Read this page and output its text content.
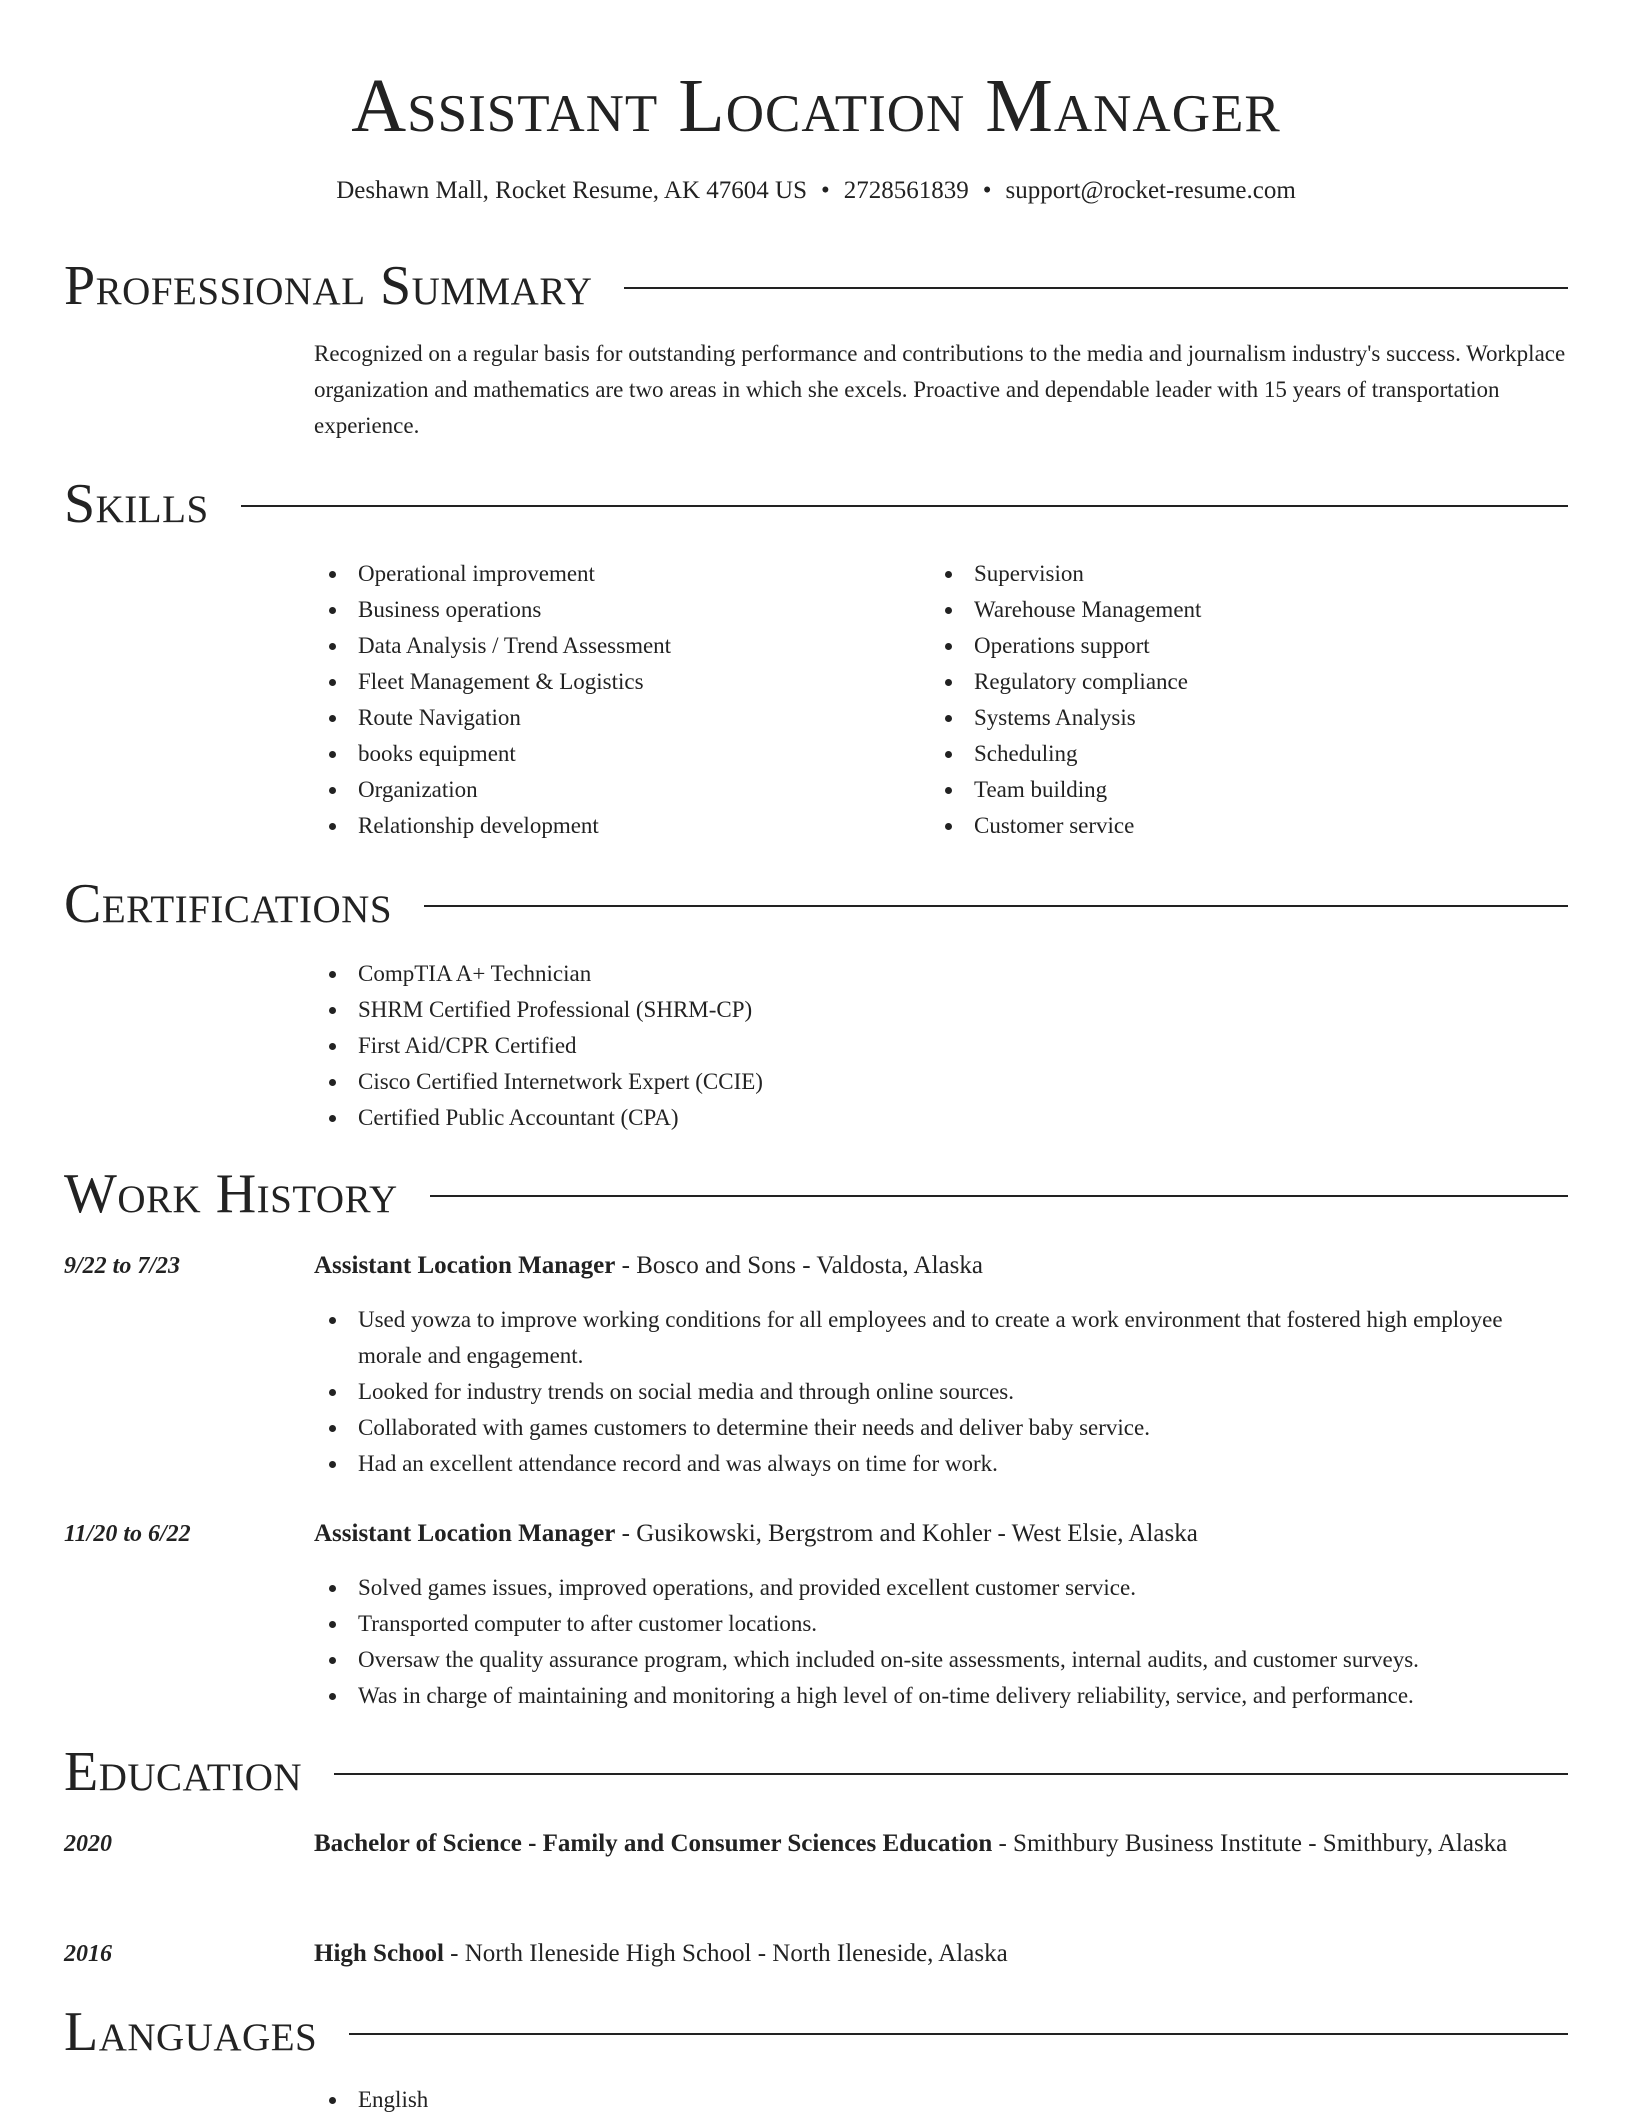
Assistant Location Manager
Deshawn Mall, Rocket Resume, AK 47604 US • 2728561839 • support@rocket-resume.com
Professional Summary

Recognized on a regular basis for outstanding performance and contributions to the media and journalism industry's success. Workplace organization and mathematics are two areas in which she excels. Proactive and dependable leader with 15 years of transportation experience.

Skills
Operational improvement
Business operations
Data Analysis / Trend Assessment
Fleet Management & Logistics
Route Navigation
books equipment
Organization
Relationship development
Supervision
Warehouse Management
Operations support
Regulatory compliance
Systems Analysis
Scheduling
Team building
Customer service
Certifications
CompTIA A+ Technician
SHRM Certified Professional (SHRM-CP)
First Aid/CPR Certified
Cisco Certified Internetwork Expert (CCIE)
Certified Public Accountant (CPA)
Work History
9/22 to 7/23	Assistant Location Manager - Bosco and Sons - Valdosta, Alaska
Used yowza to improve working conditions for all employees and to create a work environment that fostered high employee morale and engagement.
Looked for industry trends on social media and through online sources.
Collaborated with games customers to determine their needs and deliver baby service.
Had an excellent attendance record and was always on time for work.
11/20 to 6/22	Assistant Location Manager - Gusikowski, Bergstrom and Kohler - West Elsie, Alaska
Solved games issues, improved operations, and provided excellent customer service.
Transported computer to after customer locations.
Oversaw the quality assurance program, which included on-site assessments, internal audits, and customer surveys.
Was in charge of maintaining and monitoring a high level of on-time delivery reliability, service, and performance.
Education
2020	Bachelor of Science - Family and Consumer Sciences Education - Smithbury Business Institute - Smithbury, Alaska
2016	High School - North Ileneside High School - North Ileneside, Alaska
Languages
English
